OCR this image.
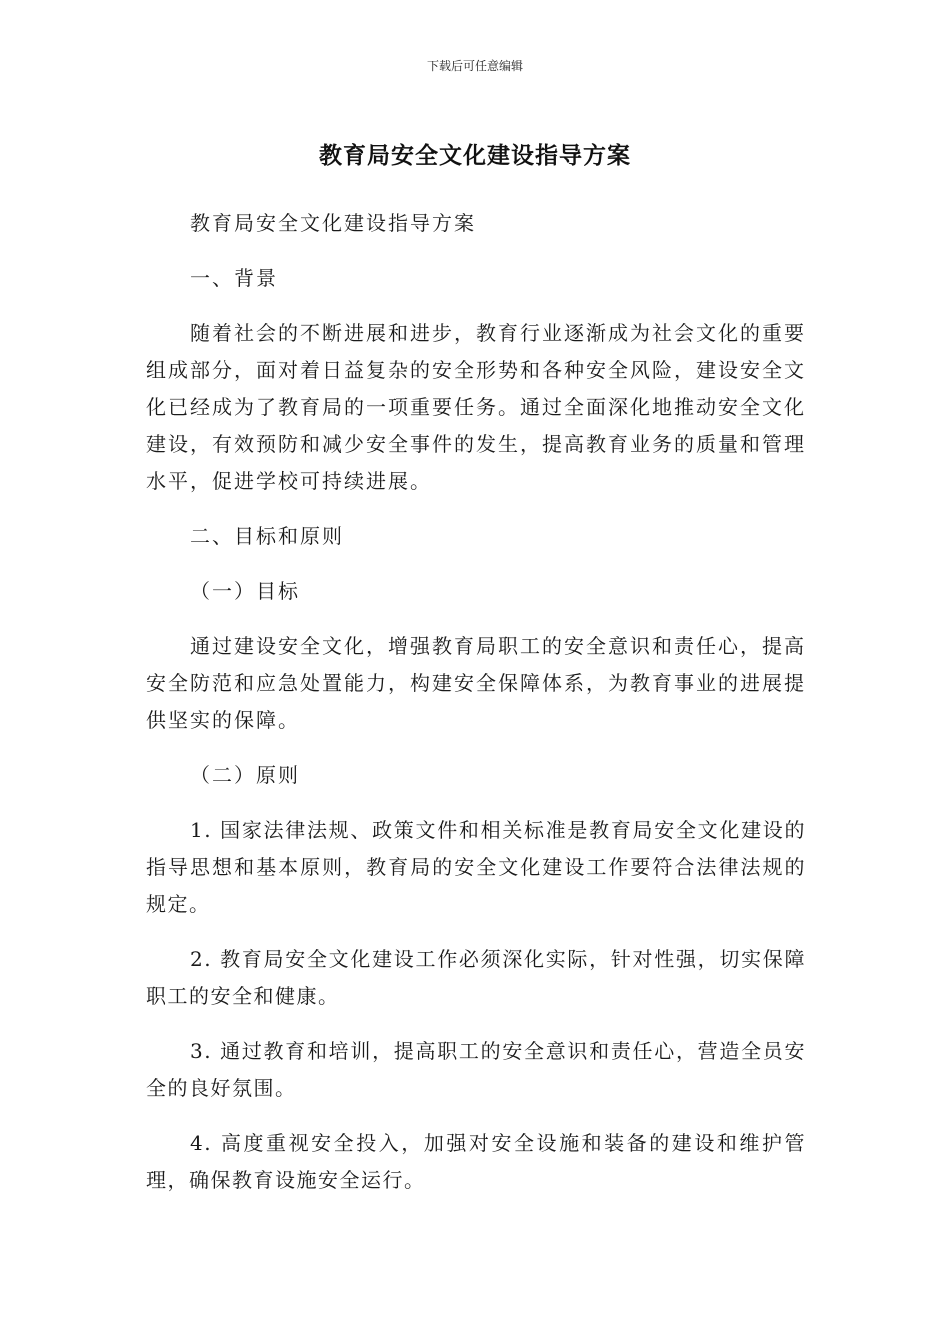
下载后可任意编辑
教育局安全文化建设指导方案

教育局安全文化建设指导方案

一、背景

随着社会的不断进展和进步，教育行业逐渐成为社会文化的重要组成部分，面对着日益复杂的安全形势和各种安全风险，建设安全文化已经成为了教育局的一项重要任务。通过全面深化地推动安全文化建设，有效预防和减少安全事件的发生，提高教育业务的质量和管理水平，促进学校可持续进展。

二、目标和原则

（一）目标

通过建设安全文化，增强教育局职工的安全意识和责任心，提高安全防范和应急处置能力，构建安全保障体系，为教育事业的进展提供坚实的保障。

（二）原则

1. 国家法律法规、政策文件和相关标准是教育局安全文化建设的指导思想和基本原则，教育局的安全文化建设工作要符合法律法规的规定。

2. 教育局安全文化建设工作必须深化实际，针对性强，切实保障职工的安全和健康。

3. 通过教育和培训，提高职工的安全意识和责任心，营造全员安全的良好氛围。

4. 高度重视安全投入，加强对安全设施和装备的建设和维护管理，确保教育设施安全运行。
